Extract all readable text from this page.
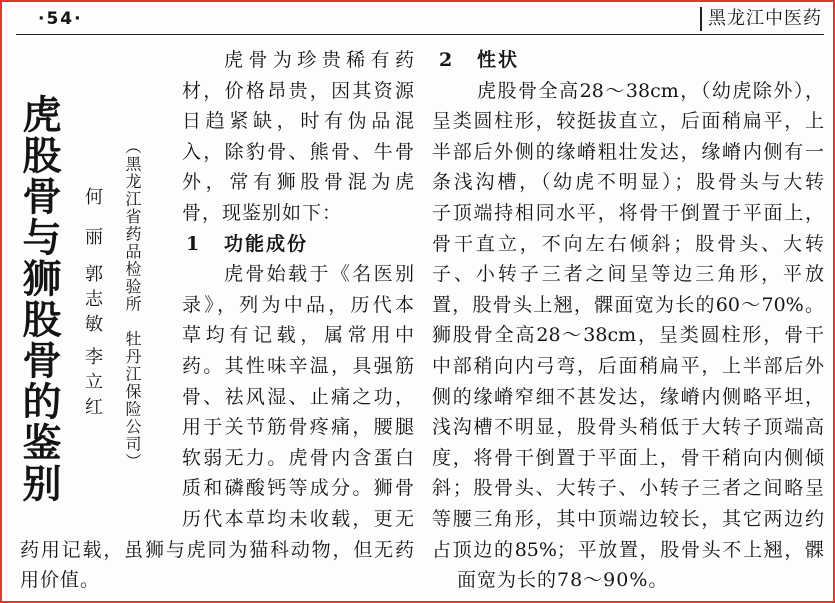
·54·	黑龙江中医药
虎股骨与狮股骨的鉴别 何　丽
郭志敏
李立红 （黑龙江省药品检验所　牡丹江保险公司）
虎骨为珍贵稀有药
材，价格昂贵，因其资源
日趋紧缺，时有伪品混
入，除豹骨、熊骨、牛骨
外，常有狮股骨混为虎
骨，现鉴别如下：
1 功能成份
虎骨始载于《名医别
录》，列为中品，历代本
草均有记载，属常用中
药。其性味辛温，具强筋
骨、祛风湿、止痛之功，
用于关节筋骨疼痛，腰腿
软弱无力。虎骨内含蛋白
质和磷酸钙等成分。狮骨
历代本草均未收载，更无
药用记载，虽狮与虎同为猫科动物，但无药
用价值。
2 性状
虎股骨全高28～38cm，（幼虎除外），
呈类圆柱形，较挺拔直立，后面稍扁平，上
半部后外侧的缘嵴粗壮发达，缘嵴内侧有一
条浅沟槽，（幼虎不明显）；股骨头与大转
子顶端持相同水平，将骨干倒置于平面上，
骨干直立，不向左右倾斜；股骨头、大转
子、小转子三者之间呈等边三角形，平放
置，股骨头上翘，髁面宽为长的60～70%。
狮股骨全高28～38cm，呈类圆柱形，骨干
中部稍向内弓弯，后面稍扁平，上半部后外
侧的缘嵴窄细不甚发达，缘嵴内侧略平坦，
浅沟槽不明显，股骨头稍低于大转子顶端高
度，将骨干倒置于平面上，骨干稍向内侧倾
斜；股骨头、大转子、小转子三者之间略呈
等腰三角形，其中顶端边较长，其它两边约
占顶边的85%；平放置，股骨头不上翘，髁
面宽为长的78～90%。
